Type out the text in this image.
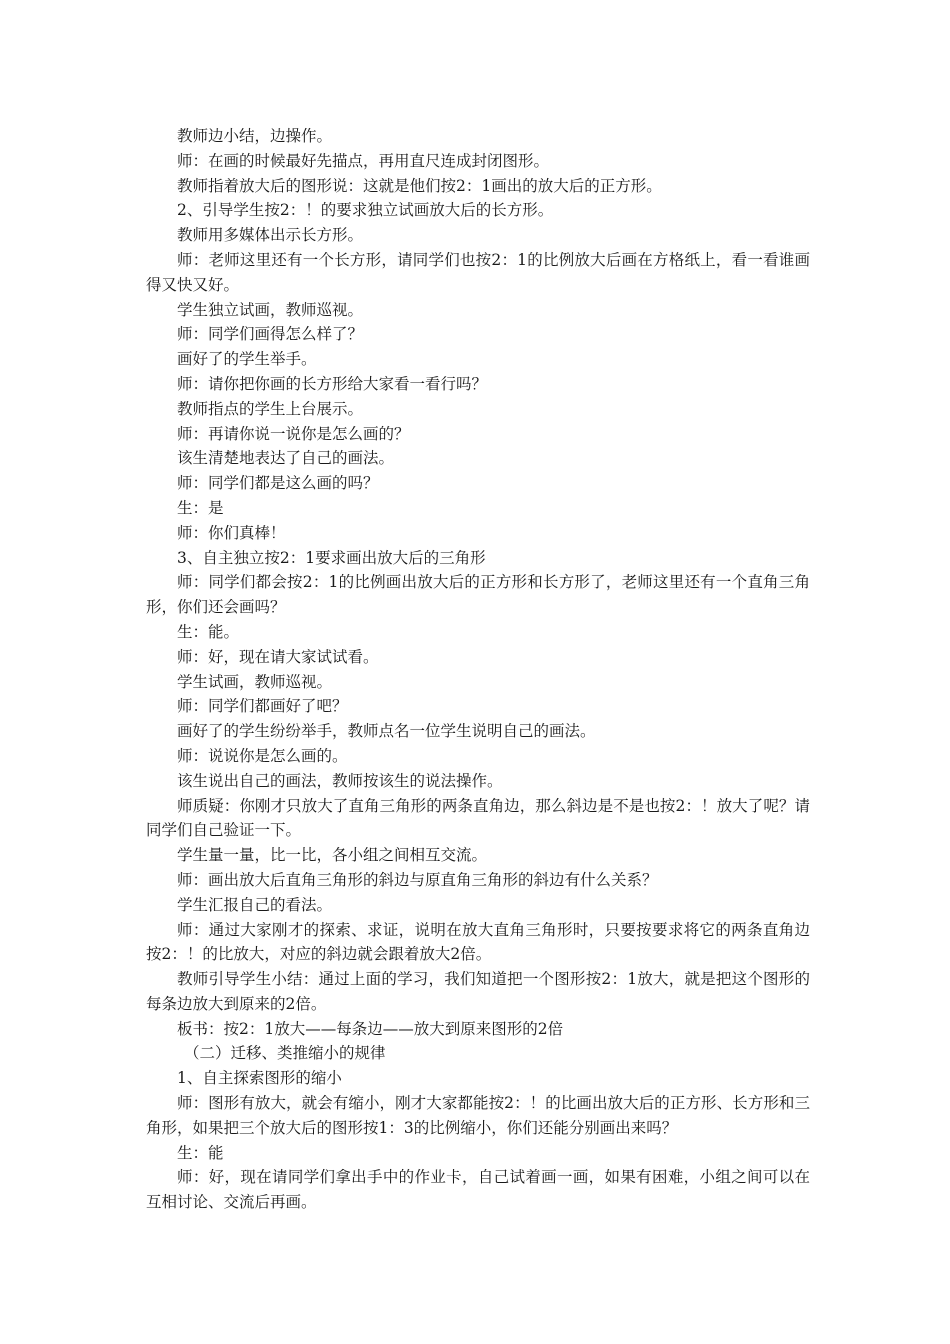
教师边小结，边操作。

师：在画的时候最好先描点，再用直尺连成封闭图形。

教师指着放大后的图形说：这就是他们按2：1画出的放大后的正方形。

2、引导学生按2：！的要求独立试画放大后的长方形。

教师用多媒体出示长方形。

师：老师这里还有一个长方形，请同学们也按2：1的比例放大后画在方格纸上，看一看谁画得又快又好。

学生独立试画，教师巡视。

师：同学们画得怎么样了？

画好了的学生举手。

师：请你把你画的长方形给大家看一看行吗？

教师指点的学生上台展示。

师：再请你说一说你是怎么画的？

该生清楚地表达了自己的画法。

师：同学们都是这么画的吗？

生：是

师：你们真棒！

3、自主独立按2：1要求画出放大后的三角形

师：同学们都会按2：1的比例画出放大后的正方形和长方形了，老师这里还有一个直角三角形，你们还会画吗？

生：能。

师：好，现在请大家试试看。

学生试画，教师巡视。

师：同学们都画好了吧？

画好了的学生纷纷举手，教师点名一位学生说明自己的画法。

师：说说你是怎么画的。

该生说出自己的画法，教师按该生的说法操作。

师质疑：你刚才只放大了直角三角形的两条直角边，那么斜边是不是也按2：！放大了呢？请同学们自己验证一下。

学生量一量，比一比，各小组之间相互交流。

师：画出放大后直角三角形的斜边与原直角三角形的斜边有什么关系？

学生汇报自己的看法。

师：通过大家刚才的探索、求证，说明在放大直角三角形时，只要按要求将它的两条直角边按2：！的比放大，对应的斜边就会跟着放大2倍。

教师引导学生小结：通过上面的学习，我们知道把一个图形按2：1放大，就是把这个图形的每条边放大到原来的2倍。

板书：按2：1放大——每条边——放大到原来图形的2倍

（二）迁移、类推缩小的规律

1、自主探索图形的缩小

师：图形有放大，就会有缩小，刚才大家都能按2：！的比画出放大后的正方形、长方形和三角形，如果把三个放大后的图形按1：3的比例缩小，你们还能分别画出来吗？

生：能

师：好，现在请同学们拿出手中的作业卡，自己试着画一画，如果有困难，小组之间可以在互相讨论、交流后再画。
